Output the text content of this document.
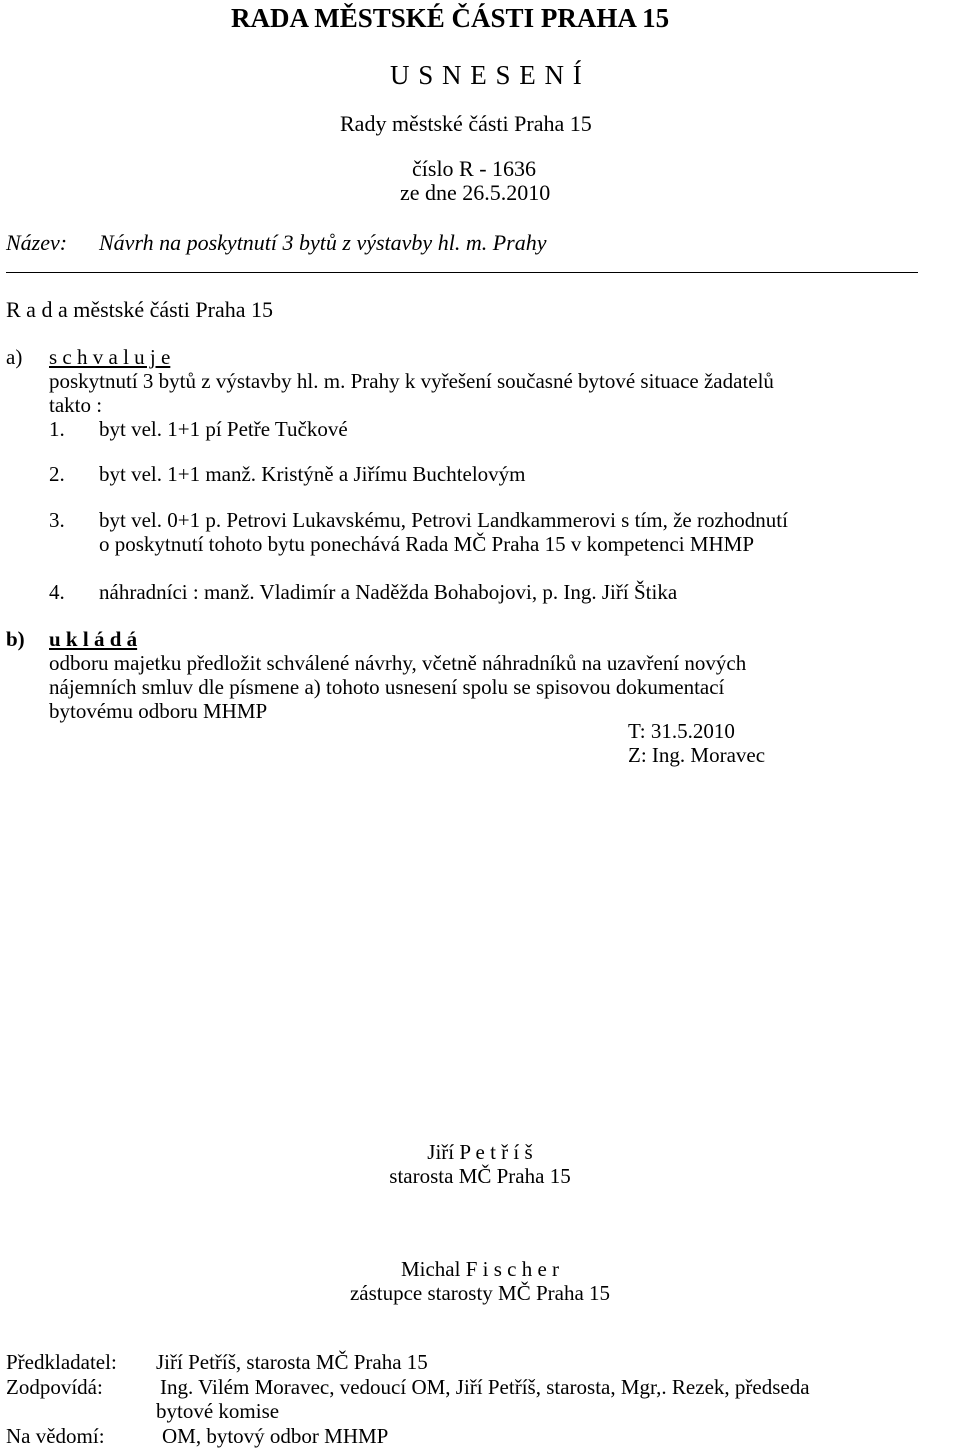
RADA MĚSTSKÉ ČÁSTI PRAHA 15
U S N E S E N Í
Rady městské části Praha 15
číslo R - 1636
ze dne 26.5.2010
Název: Návrh na poskytnutí 3 bytů z výstavby hl. m. Prahy
R a d a městské části Praha 15
a) s c h v a l u j e
poskytnutí 3 bytů z výstavby hl. m. Prahy k vyřešení současné bytové situace žadatelů
takto :
1. byt vel. 1+1 pí Petře Tučkové
2. byt vel. 1+1 manž. Kristýně a Jiřímu Buchtelovým
3. byt vel. 0+1 p. Petrovi Lukavskému, Petrovi Landkammerovi s tím, že rozhodnutí
o poskytnutí tohoto bytu ponechává Rada MČ Praha 15 v kompetenci MHMP
4. náhradníci : manž. Vladimír a Naděžda Bohabojovi, p. Ing. Jiří Štika
b) u k l á d á
odboru majetku předložit schválené návrhy, včetně náhradníků na uzavření nových
nájemních smluv dle písmene a) tohoto usnesení spolu se spisovou dokumentací
bytovému odboru MHMP
T: 31.5.2010
Z: Ing. Moravec
Jiří P e t ř í š
starosta MČ Praha 15
Michal F i s c h e r
zástupce starosty MČ Praha 15
Předkladatel: Jiří Petříš, starosta MČ Praha 15
Zodpovídá:	Ing. Vilém Moravec, vedoucí OM, Jiří Petříš, starosta, Mgr,. Rezek, předseda
bytové komise
Na vědomí:	OM, bytový odbor MHMP
